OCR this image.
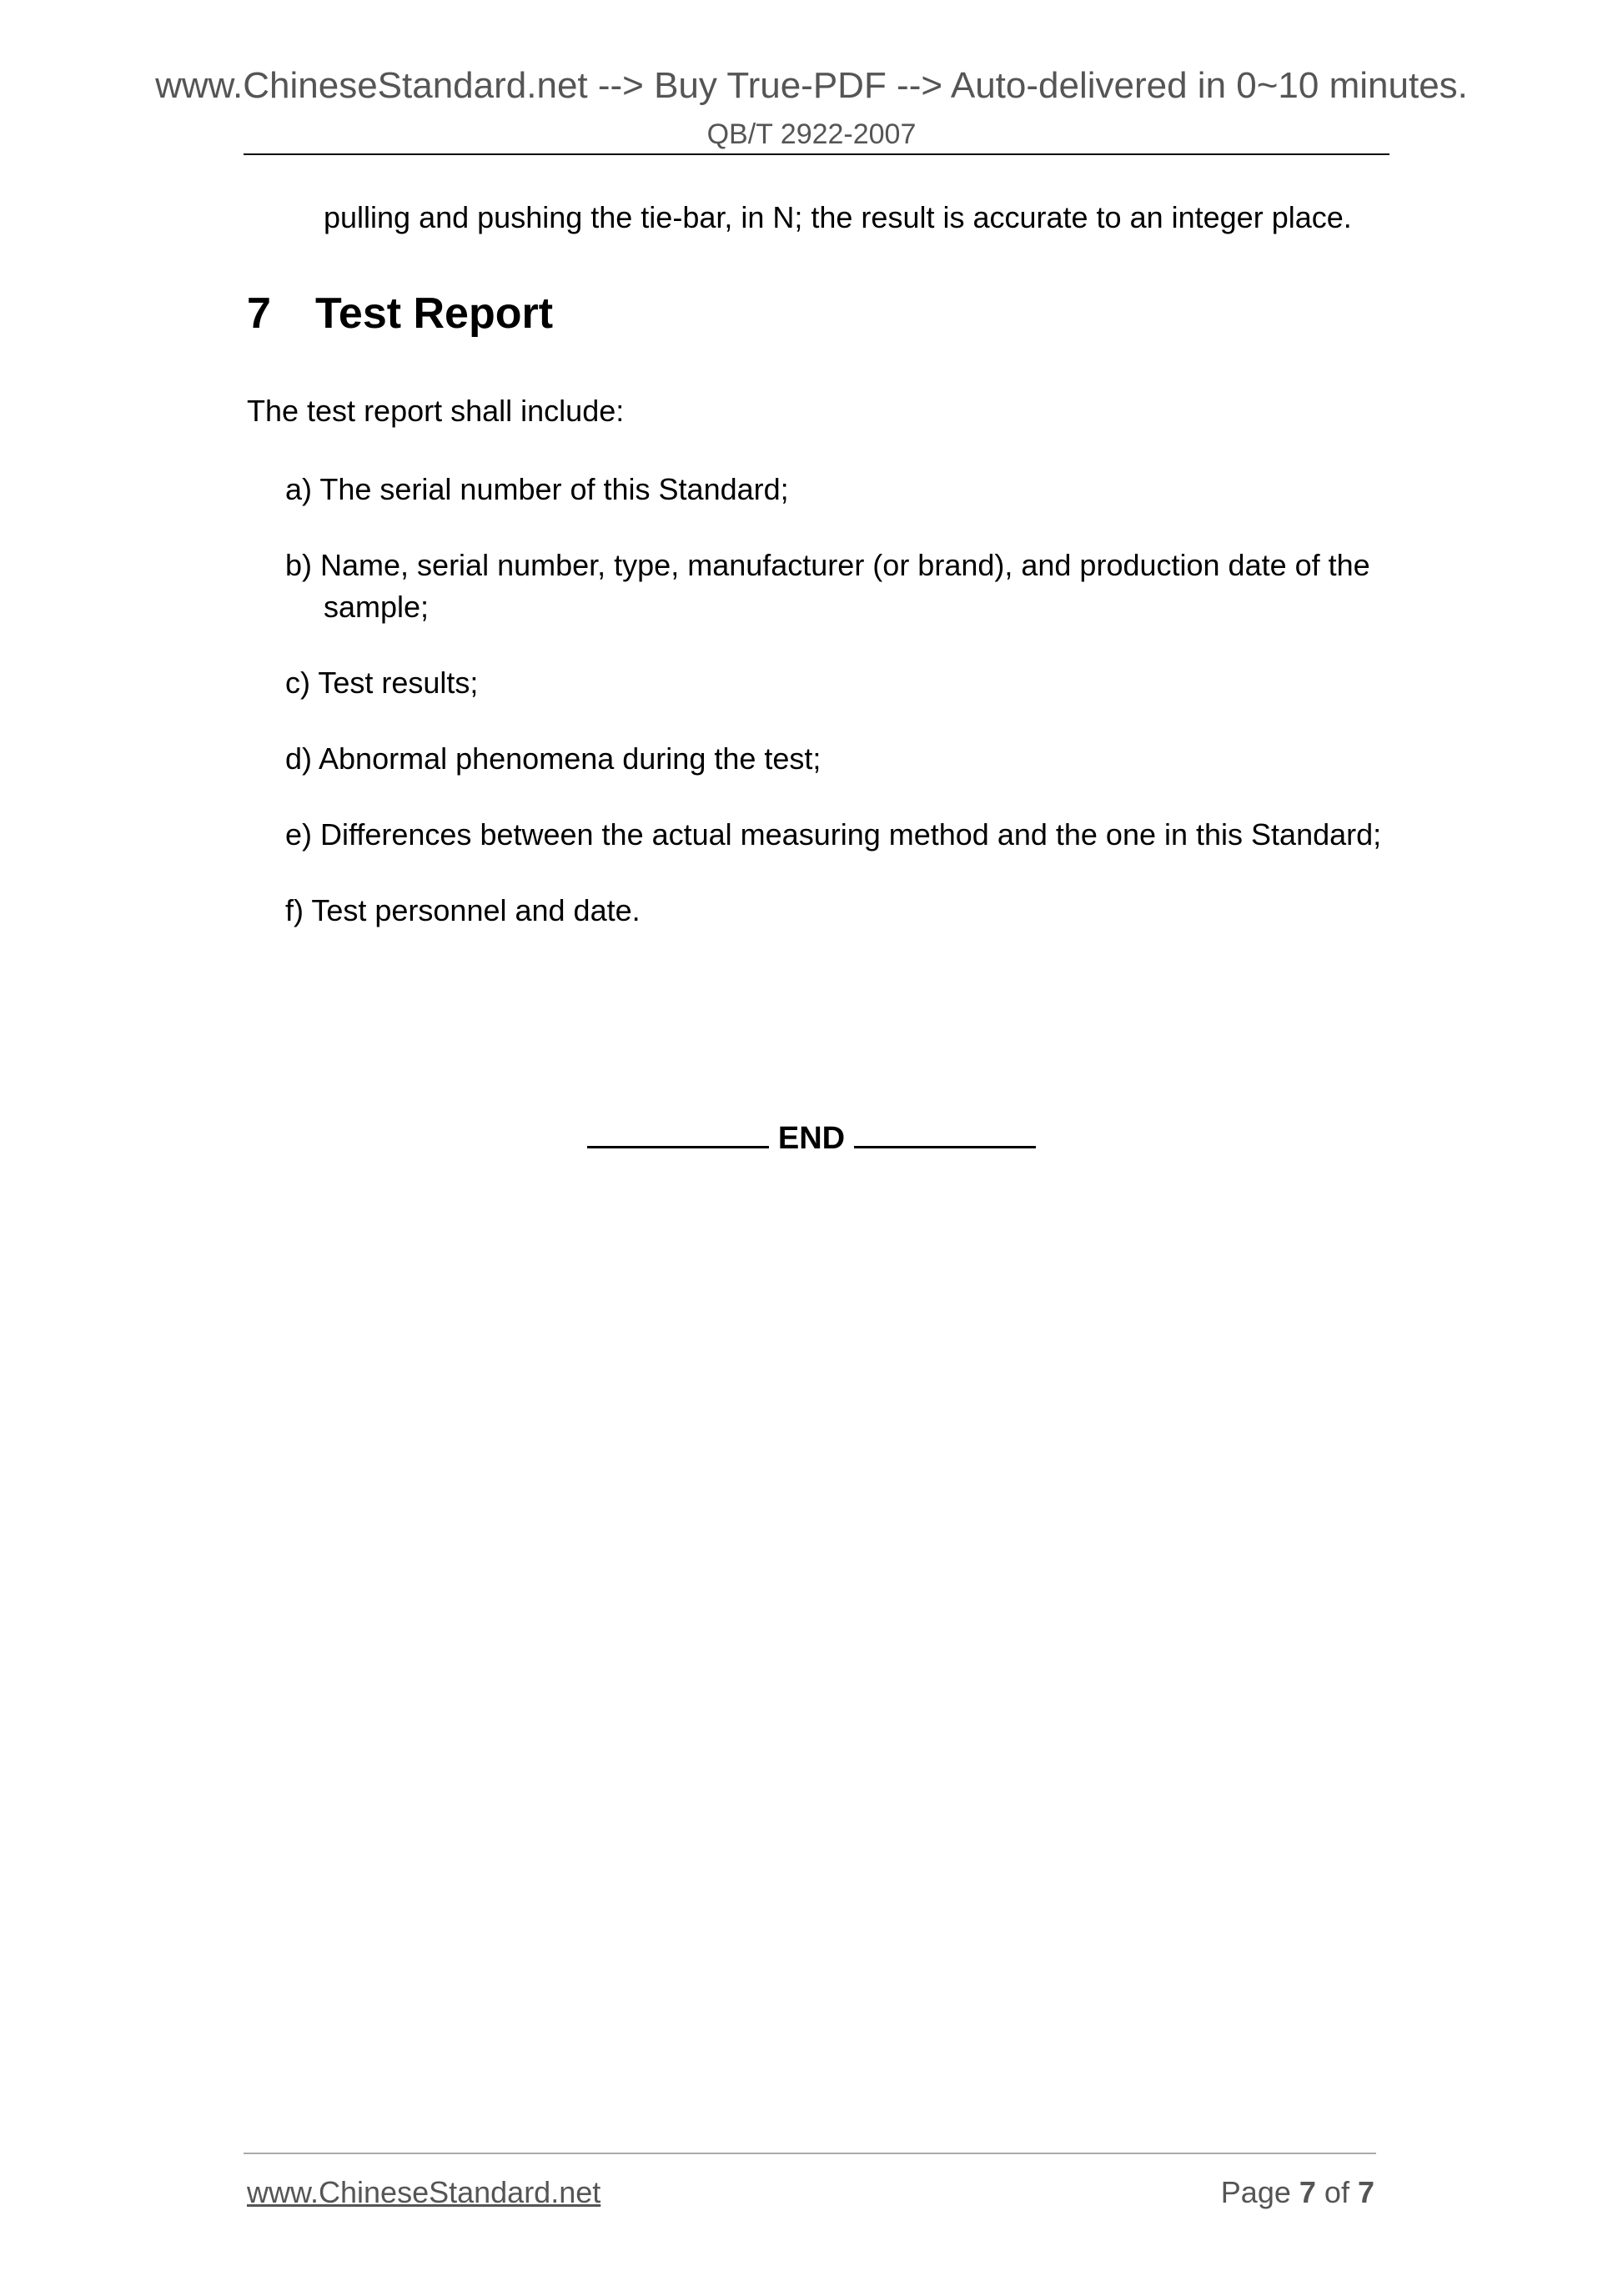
www.ChineseStandard.net --> Buy True-PDF --> Auto-delivered in 0~10 minutes.
QB/T 2922-2007
pulling and pushing the tie-bar, in N; the result is accurate to an integer place.
7 Test Report
The test report shall include:
a) The serial number of this Standard;
b) Name, serial number, type, manufacturer (or brand), and production date of the
sample;
c) Test results;
d) Abnormal phenomena during the test;
e) Differences between the actual measuring method and the one in this Standard;
f) Test personnel and date.
END
www.ChineseStandard.net	Page 7 of 7
